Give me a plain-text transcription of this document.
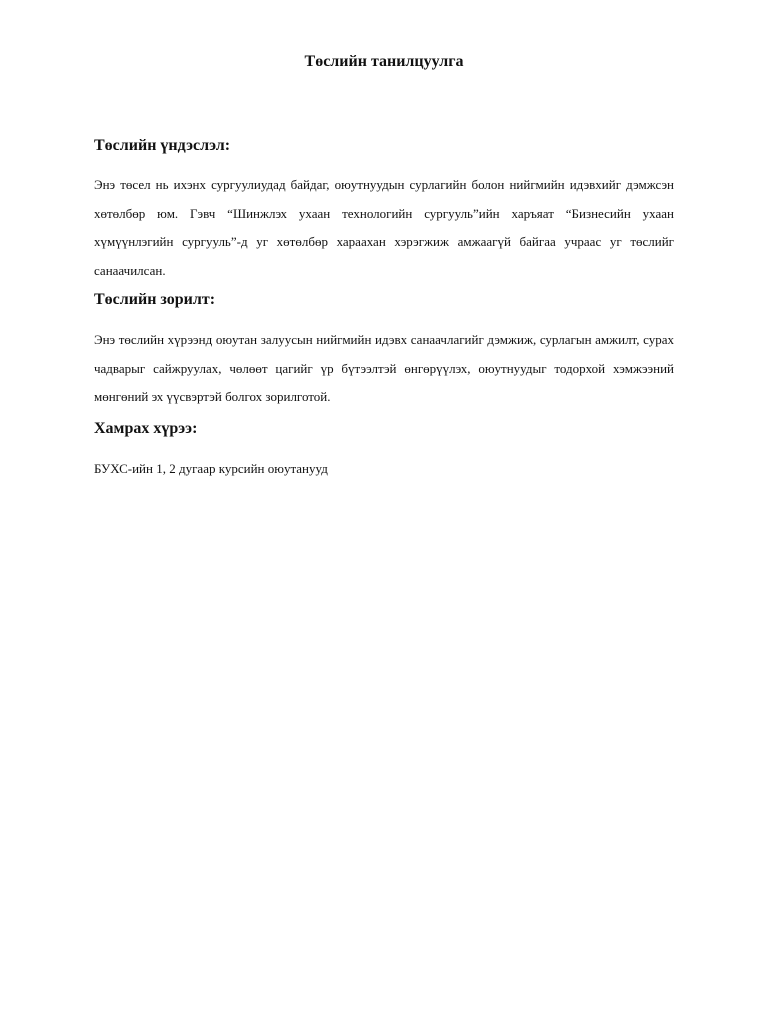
Төслийн танилцуулга
Төслийн үндэслэл:
Энэ төсел нь ихэнх сургуулиудад байдаг, оюутнуудын сурлагийн болон нийгмийн идэвхийг дэмжсэн хөтөлбөр юм. Гэвч “Шинжлэх ухаан технологийн сургууль”ийн харъяат “Бизнесийн ухаан хүмүүнлэгийн сургууль”-д уг хөтөлбөр хараахан хэрэгжиж амжаагүй байгаа учраас уг төслийг санаачилсан.
Төслийн зорилт:
Энэ төслийн хүрээнд оюутан залуусын нийгмийн идэвх санаачлагийг дэмжиж, сурлагын амжилт, сурах чадварыг сайжруулах, чөлөөт цагийг үр бүтээлтэй өнгөрүүлэх, оюутнуудыг тодорхой хэмжээний мөнгөний эх үүсвэртэй болгох зорилготой.
Хамрах хүрээ:
БУХС-ийн 1, 2 дугаар курсийн оюутанууд
